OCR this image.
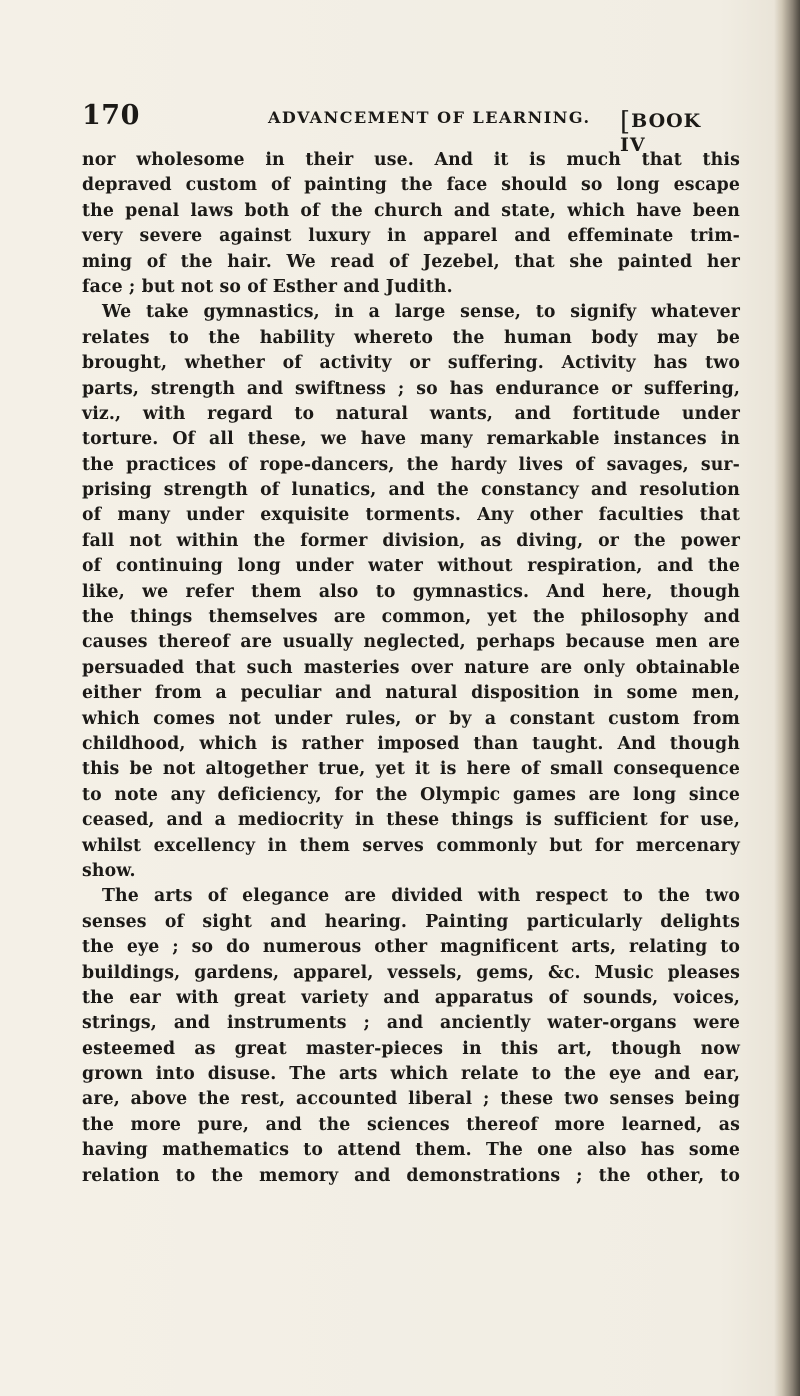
170	ADVANCEMENT OF LEARNING. [BOOK IV
nor wholesome in their use. And it is much that this
depraved custom of painting the face should so long escape
the penal laws both of the church and state, which have been
very severe against luxury in apparel and effeminate trim-
ming of the hair. We read of Jezebel, that she painted her
face ; but not so of Esther and Judith.
We take gymnastics, in a large sense, to signify whatever
relates to the hability whereto the human body may be
brought, whether of activity or suffering. Activity has two
parts, strength and swiftness ; so has endurance or suffering,
viz., with regard to natural wants, and fortitude under
torture. Of all these, we have many remarkable instances in
the practices of rope-dancers, the hardy lives of savages, sur-
prising strength of lunatics, and the constancy and resolution
of many under exquisite torments. Any other faculties that
fall not within the former division, as diving, or the power
of continuing long under water without respiration, and the
like, we refer them also to gymnastics. And here, though
the things themselves are common, yet the philosophy and
causes thereof are usually neglected, perhaps because men are
persuaded that such masteries over nature are only obtainable
either from a peculiar and natural disposition in some men,
which comes not under rules, or by a constant custom from
childhood, which is rather imposed than taught. And though
this be not altogether true, yet it is here of small consequence
to note any deficiency, for the Olympic games are long since
ceased, and a mediocrity in these things is sufficient for use,
whilst excellency in them serves commonly but for mercenary
show.
The arts of elegance are divided with respect to the two
senses of sight and hearing. Painting particularly delights
the eye ; so do numerous other magnificent arts, relating to
buildings, gardens, apparel, vessels, gems, &c. Music pleases
the ear with great variety and apparatus of sounds, voices,
strings, and instruments ; and anciently water-organs were
esteemed as great master-pieces in this art, though now
grown into disuse. The arts which relate to the eye and ear,
are, above the rest, accounted liberal ; these two senses being
the more pure, and the sciences thereof more learned, as
having mathematics to attend them. The one also has some
relation to the memory and demonstrations ; the other, to
